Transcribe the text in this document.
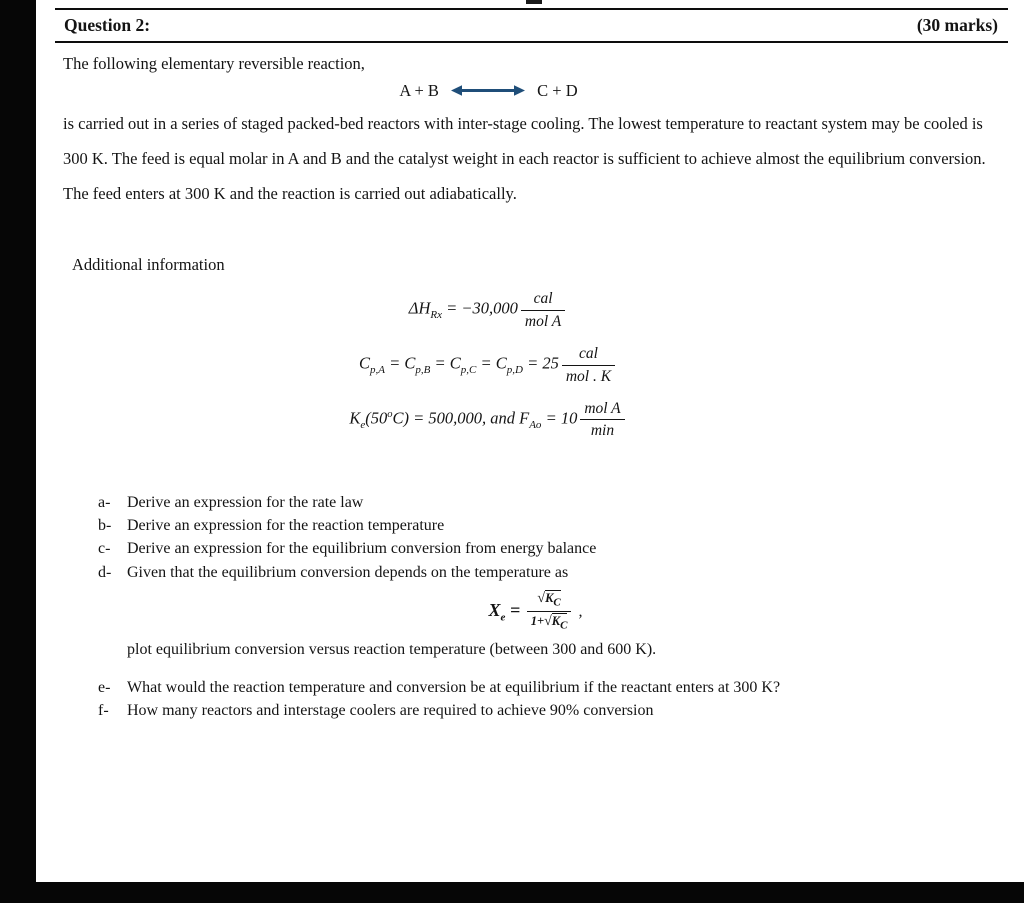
Question 2:	(30 marks)

The following elementary reversible reaction,

A + B	C + D

is carried out in a series of staged packed-bed reactors with inter-stage cooling. The lowest temperature to reactant system may be cooled is 300 K. The feed is equal molar in A and B and the catalyst weight in each reactor is sufficient to achieve almost the equilibrium conversion. The feed enters at 300 K and the reaction is carried out adiabatically.

Additional information

$\Delta H_{Rx} = -30,000 \frac{\text{cal}}{\text{mol A}}$
$C_{p,A} = C_{p,B} = C_{p,C} = C_{p,D} = 25 \frac{\text{cal}}{\text{mol . K}}$
$K_e(50^oC) = 500,000$, and $F_{Ao} = 10 \frac{\text{mol A}}{\min}$
a-	Derive an expression for the rate law
b- Derive an expression for the reaction temperature
c-	Derive an expression for the equilibrium conversion from energy balance
d- Given that the equilibrium conversion depends on the temperature as
$X_e = \frac{√K_C}{1+√K_C}$ ,
plot equilibrium conversion versus reaction temperature (between 300 and 600 K).
e-	What would the reaction temperature and conversion be at equilibrium if the reactant enters at 300 K?
f-	How many reactors and interstage coolers are required to achieve 90% conversion
